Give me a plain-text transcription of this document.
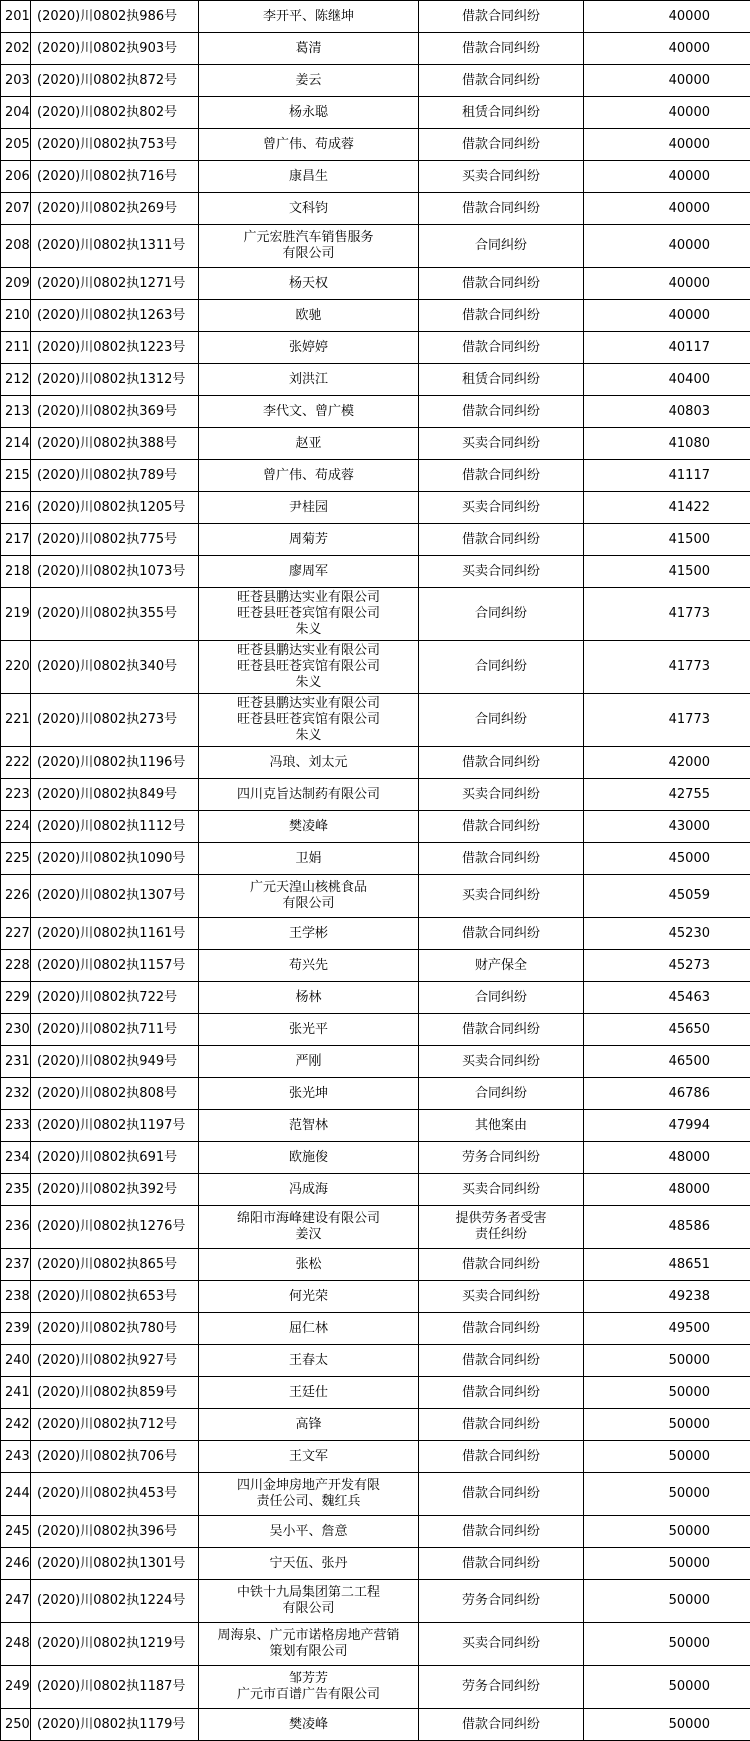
201	(2020)川0802执986号	李开平、陈继坤	借款合同纠纷	40000
202	(2020)川0802执903号	葛清	借款合同纠纷	40000
203	(2020)川0802执872号	姜云	借款合同纠纷	40000
204	(2020)川0802执802号	杨永聪	租赁合同纠纷	40000
205	(2020)川0802执753号	曾广伟、苟成蓉	借款合同纠纷	40000
206	(2020)川0802执716号	康昌生	买卖合同纠纷	40000
207	(2020)川0802执269号	文科钧	借款合同纠纷	40000
208	(2020)川0802执1311号	广元宏胜汽车销售服务
有限公司	合同纠纷	40000
209	(2020)川0802执1271号	杨天权	借款合同纠纷	40000
210	(2020)川0802执1263号	欧驰	借款合同纠纷	40000
211	(2020)川0802执1223号	张婷婷	借款合同纠纷	40117
212	(2020)川0802执1312号	刘洪江	租赁合同纠纷	40400
213	(2020)川0802执369号	李代文、曾广模	借款合同纠纷	40803
214	(2020)川0802执388号	赵亚	买卖合同纠纷	41080
215	(2020)川0802执789号	曾广伟、苟成蓉	借款合同纠纷	41117
216	(2020)川0802执1205号	尹桂园	买卖合同纠纷	41422
217	(2020)川0802执775号	周菊芳	借款合同纠纷	41500
218	(2020)川0802执1073号	廖周军	买卖合同纠纷	41500
219	(2020)川0802执355号	旺苍县鹏达实业有限公司
旺苍县旺苍宾馆有限公司
朱义	合同纠纷	41773
220	(2020)川0802执340号	旺苍县鹏达实业有限公司
旺苍县旺苍宾馆有限公司
朱义	合同纠纷	41773
221	(2020)川0802执273号	旺苍县鹏达实业有限公司
旺苍县旺苍宾馆有限公司
朱义	合同纠纷	41773
222	(2020)川0802执1196号	冯琅、刘太元	借款合同纠纷	42000
223	(2020)川0802执849号	四川克旨达制药有限公司	买卖合同纠纷	42755
224	(2020)川0802执1112号	樊凌峰	借款合同纠纷	43000
225	(2020)川0802执1090号	卫娟	借款合同纠纷	45000
226	(2020)川0802执1307号	广元天湟山核桃食品
有限公司	买卖合同纠纷	45059
227	(2020)川0802执1161号	王学彬	借款合同纠纷	45230
228	(2020)川0802执1157号	苟兴先	财产保全	45273
229	(2020)川0802执722号	杨林	合同纠纷	45463
230	(2020)川0802执711号	张光平	借款合同纠纷	45650
231	(2020)川0802执949号	严刚	买卖合同纠纷	46500
232	(2020)川0802执808号	张光坤	合同纠纷	46786
233	(2020)川0802执1197号	范智林	其他案由	47994
234	(2020)川0802执691号	欧施俊	劳务合同纠纷	48000
235	(2020)川0802执392号	冯成海	买卖合同纠纷	48000
236	(2020)川0802执1276号	绵阳市海峰建设有限公司
姜汉	提供劳务者受害
责任纠纷	48586
237	(2020)川0802执865号	张松	借款合同纠纷	48651
238	(2020)川0802执653号	何光荣	买卖合同纠纷	49238
239	(2020)川0802执780号	屈仁林	借款合同纠纷	49500
240	(2020)川0802执927号	王春太	借款合同纠纷	50000
241	(2020)川0802执859号	王廷仕	借款合同纠纷	50000
242	(2020)川0802执712号	高锋	借款合同纠纷	50000
243	(2020)川0802执706号	王文军	借款合同纠纷	50000
244	(2020)川0802执453号	四川金坤房地产开发有限
责任公司、魏红兵	借款合同纠纷	50000
245	(2020)川0802执396号	吴小平、詹意	借款合同纠纷	50000
246	(2020)川0802执1301号	宁天伍、张丹	借款合同纠纷	50000
247	(2020)川0802执1224号	中铁十九局集团第二工程
有限公司	劳务合同纠纷	50000
248	(2020)川0802执1219号	周海泉、广元市诺格房地产营销
策划有限公司	买卖合同纠纷	50000
249	(2020)川0802执1187号	邹芳芳
广元市百谱广告有限公司	劳务合同纠纷	50000
250	(2020)川0802执1179号	樊凌峰	借款合同纠纷	50000
